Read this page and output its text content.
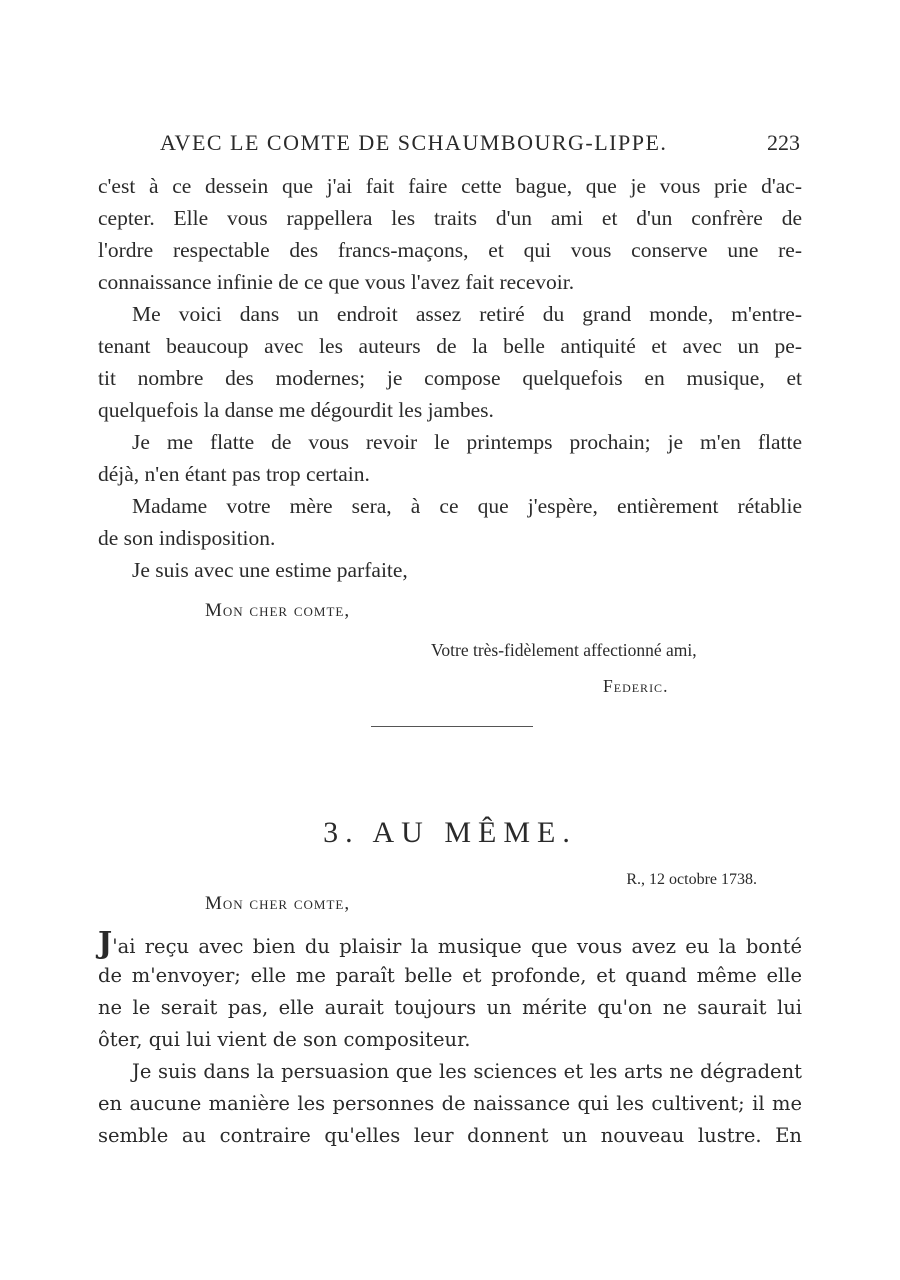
AVEC LE COMTE DE SCHAUMBOURG-LIPPE.	223
c'est à ce dessein que j'ai fait faire cette bague, que je vous prie d'ac-
cepter. Elle vous rappellera les traits d'un ami et d'un confrère de
l'ordre respectable des francs-maçons, et qui vous conserve une re-
connaissance infinie de ce que vous l'avez fait recevoir.
Me voici dans un endroit assez retiré du grand monde, m'entre-
tenant beaucoup avec les auteurs de la belle antiquité et avec un pe-
tit nombre des modernes; je compose quelquefois en musique, et
quelquefois la danse me dégourdit les jambes.
Je me flatte de vous revoir le printemps prochain; je m'en flatte
déjà, n'en étant pas trop certain.
Madame votre mère sera, à ce que j'espère, entièrement rétablie
de son indisposition.
Je suis avec une estime parfaite,
Mon cher comte,
Votre très-fidèlement affectionné ami,
Federic.
3. AU MÊME.
R., 12 octobre 1738.
Mon cher comte,
J'ai reçu avec bien du plaisir la musique que vous avez eu la bonté
de m'envoyer; elle me paraît belle et profonde, et quand même elle
ne le serait pas, elle aurait toujours un mérite qu'on ne saurait lui
ôter, qui lui vient de son compositeur.
Je suis dans la persuasion que les sciences et les arts ne dégradent
en aucune manière les personnes de naissance qui les cultivent; il me
semble au contraire qu'elles leur donnent un nouveau lustre. En
